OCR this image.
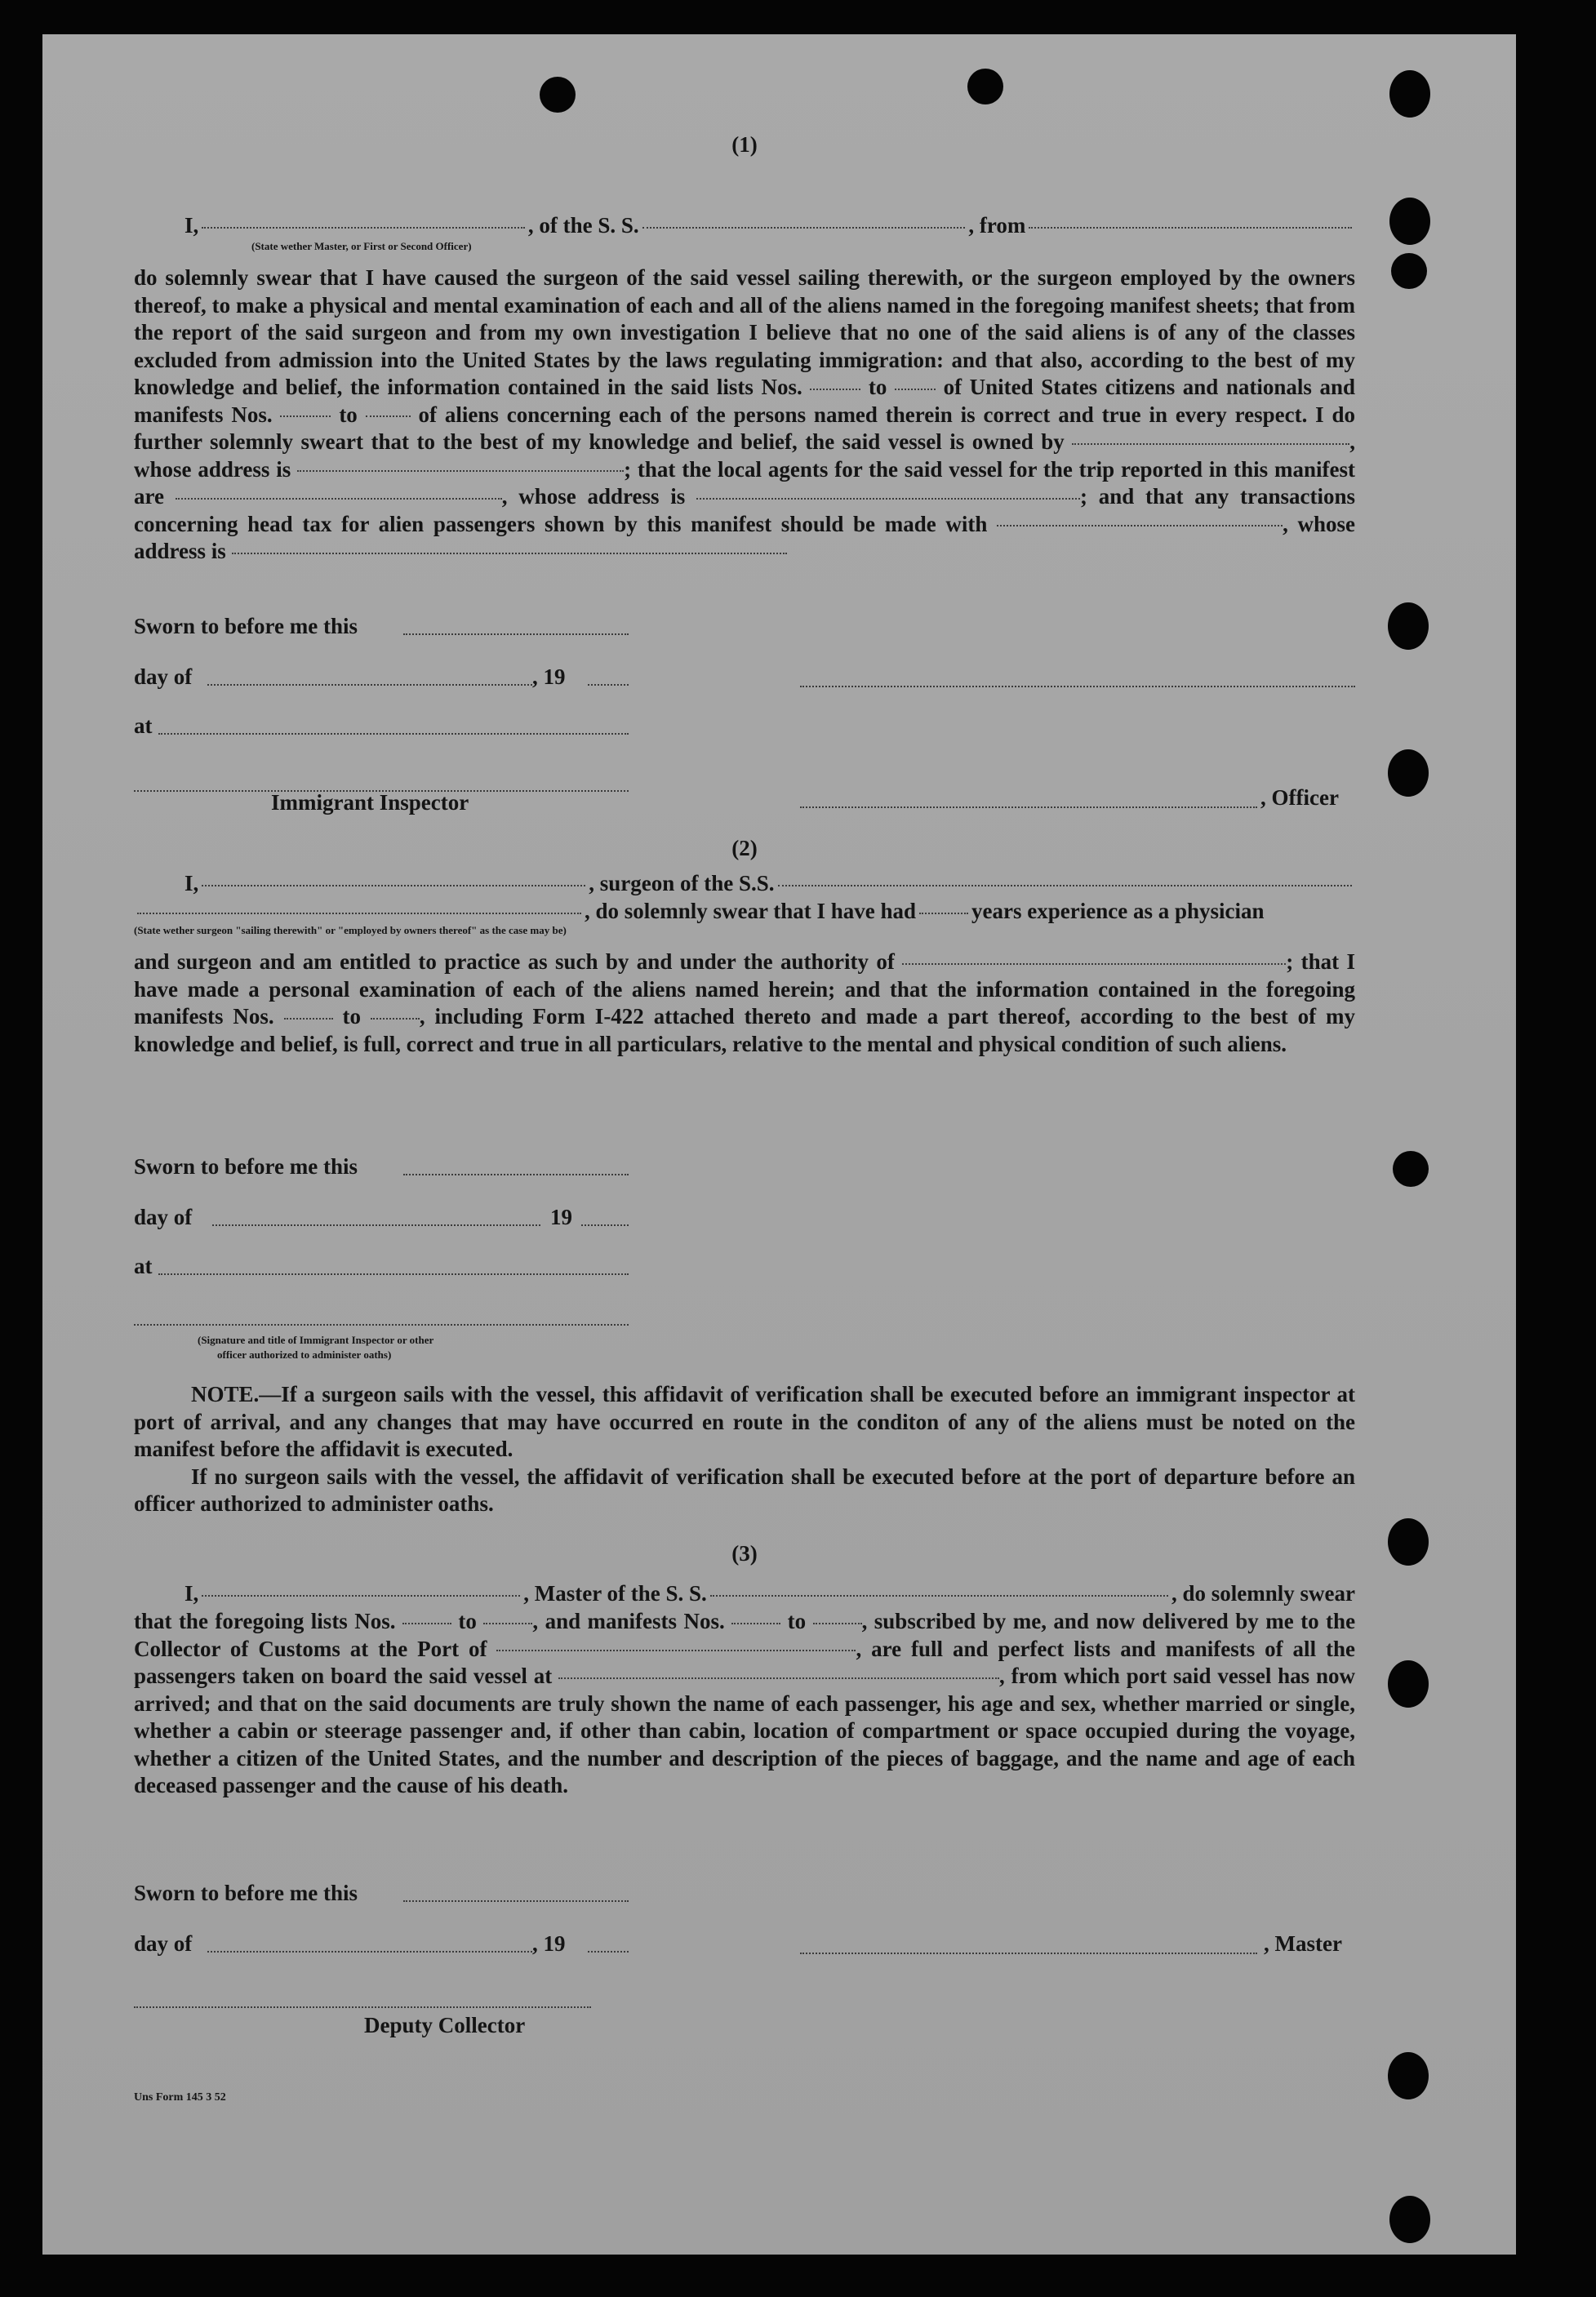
(1)
I,	, of the S. S.	, from
(State wether Master, or First or Second Officer)

do solemnly swear that I have caused the surgeon of the said vessel sailing therewith, or the surgeon employed by the owners thereof, to make a physical and mental examination of each and all of the aliens named in the foregoing manifest sheets; that from the report of the said surgeon and from my own investigation I believe that no one of the said aliens is of any of the classes excluded from admission into the United States by the laws regulating immigration: and that also, according to the best of my knowledge and belief, the information contained in the said lists Nos.	to	of United States citizens and nationals and manifests Nos.	to	of aliens concerning each of the persons named therein is correct and true in every respect. I do further solemnly sweart that to the best of my knowledge and belief, the said vessel is owned by	, whose address is	; that the local agents for the said vessel for the trip reported in this manifest are	, whose address is	; and that any transactions concerning head tax for alien passengers shown by this manifest should be made with	, whose address is

Sworn to before me this
day of	, 19
at
Immigrant Inspector	, Officer
(2)
I,	, surgeon of the S.S.
, do solemnly swear that I have had	years experience as a physician
(State wether surgeon "sailing therewith" or "employed by owners thereof" as the case may be)

and surgeon and am entitled to practice as such by and under the authority of	; that I have made a personal examination of each of the aliens named herein; and that the information contained in the foregoing manifests Nos.	to	, including Form I-422 attached thereto and made a part thereof, according to the best of my knowledge and belief, is full, correct and true in all particulars, relative to the mental and physical condition of such aliens.

Sworn to before me this
day of	19
at
(Signature and title of Immigrant Inspector or other
officer authorized to administer oaths)

NOTE.—If a surgeon sails with the vessel, this affidavit of verification shall be executed before an immigrant inspector at port of arrival, and any changes that may have occurred en route in the conditon of any of the aliens must be noted on the manifest before the affidavit is executed.

If no surgeon sails with the vessel, the affidavit of verification shall be executed before at the port of departure before an officer authorized to administer oaths.

(3)
I,	, Master of the S. S.	, do solemnly swear

that the foregoing lists Nos.	to	, and manifests Nos.	to	, subscribed by me, and now delivered by me to the Collector of Customs at the Port of	, are full and perfect lists and manifests of all the passengers taken on board the said vessel at	, from which port said vessel has now arrived; and that on the said documents are truly shown the name of each passenger, his age and sex, whether married or single, whether a cabin or steerage passenger and, if other than cabin, location of compartment or space occupied during the voyage, whether a citizen of the United States, and the number and description of the pieces of baggage, and the name and age of each deceased passenger and the cause of his death.

Sworn to before me this
day of	, 19	, Master
Deputy Collector
Uns Form 145 3 52
